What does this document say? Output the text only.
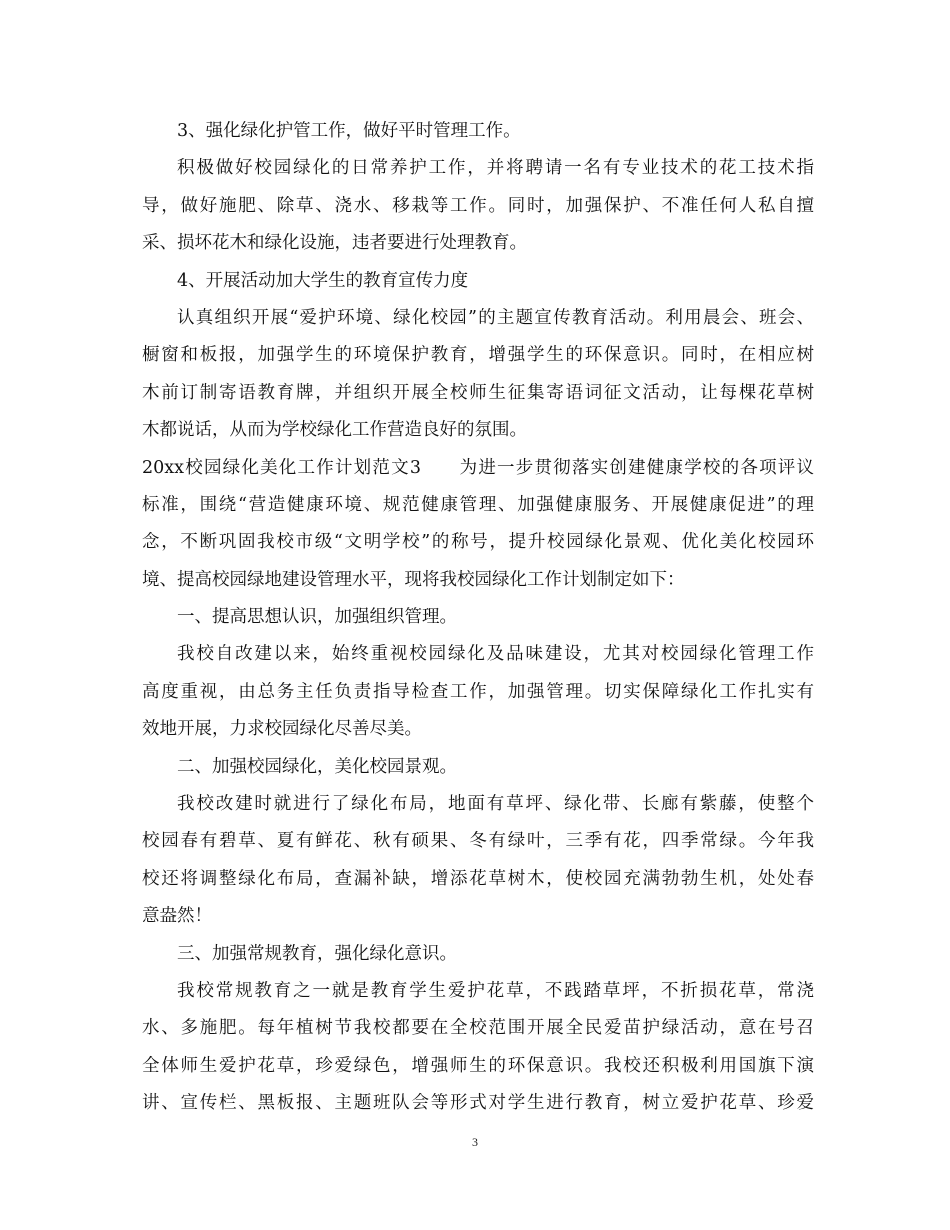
3、强化绿化护管工作，做好平时管理工作。
积极做好校园绿化的日常养护工作，并将聘请一名有专业技术的花工技术指
导，做好施肥、除草、浇水、移栽等工作。同时，加强保护、不准任何人私自擅
采、损坏花木和绿化设施，违者要进行处理教育。
4、开展活动加大学生的教育宣传力度
认真组织开展“爱护环境、绿化校园”的主题宣传教育活动。利用晨会、班会、
橱窗和板报，加强学生的环境保护教育，增强学生的环保意识。同时，在相应树
木前订制寄语教育牌，并组织开展全校师生征集寄语词征文活动，让每棵花草树
木都说话，从而为学校绿化工作营造良好的氛围。
20xx校园绿化美化工作计划范文3　　为进一步贯彻落实创建健康学校的各项评议
标准，围绕“营造健康环境、规范健康管理、加强健康服务、开展健康促进”的理
念，不断巩固我校市级“文明学校”的称号，提升校园绿化景观、优化美化校园环
境、提高校园绿地建设管理水平，现将我校园绿化工作计划制定如下：
一、提高思想认识，加强组织管理。
我校自改建以来，始终重视校园绿化及品味建设，尤其对校园绿化管理工作
高度重视，由总务主任负责指导检查工作，加强管理。切实保障绿化工作扎实有
效地开展，力求校园绿化尽善尽美。
二、加强校园绿化，美化校园景观。
我校改建时就进行了绿化布局，地面有草坪、绿化带、长廊有紫藤，使整个
校园春有碧草、夏有鲜花、秋有硕果、冬有绿叶，三季有花，四季常绿。今年我
校还将调整绿化布局，查漏补缺，增添花草树木，使校园充满勃勃生机，处处春
意盎然！
三、加强常规教育，强化绿化意识。
我校常规教育之一就是教育学生爱护花草，不践踏草坪，不折损花草，常浇
水、多施肥。每年植树节我校都要在全校范围开展全民爱苗护绿活动，意在号召
全体师生爱护花草，珍爱绿色，增强师生的环保意识。我校还积极利用国旗下演
讲、宣传栏、黑板报、主题班队会等形式对学生进行教育，树立爱护花草、珍爱
3
